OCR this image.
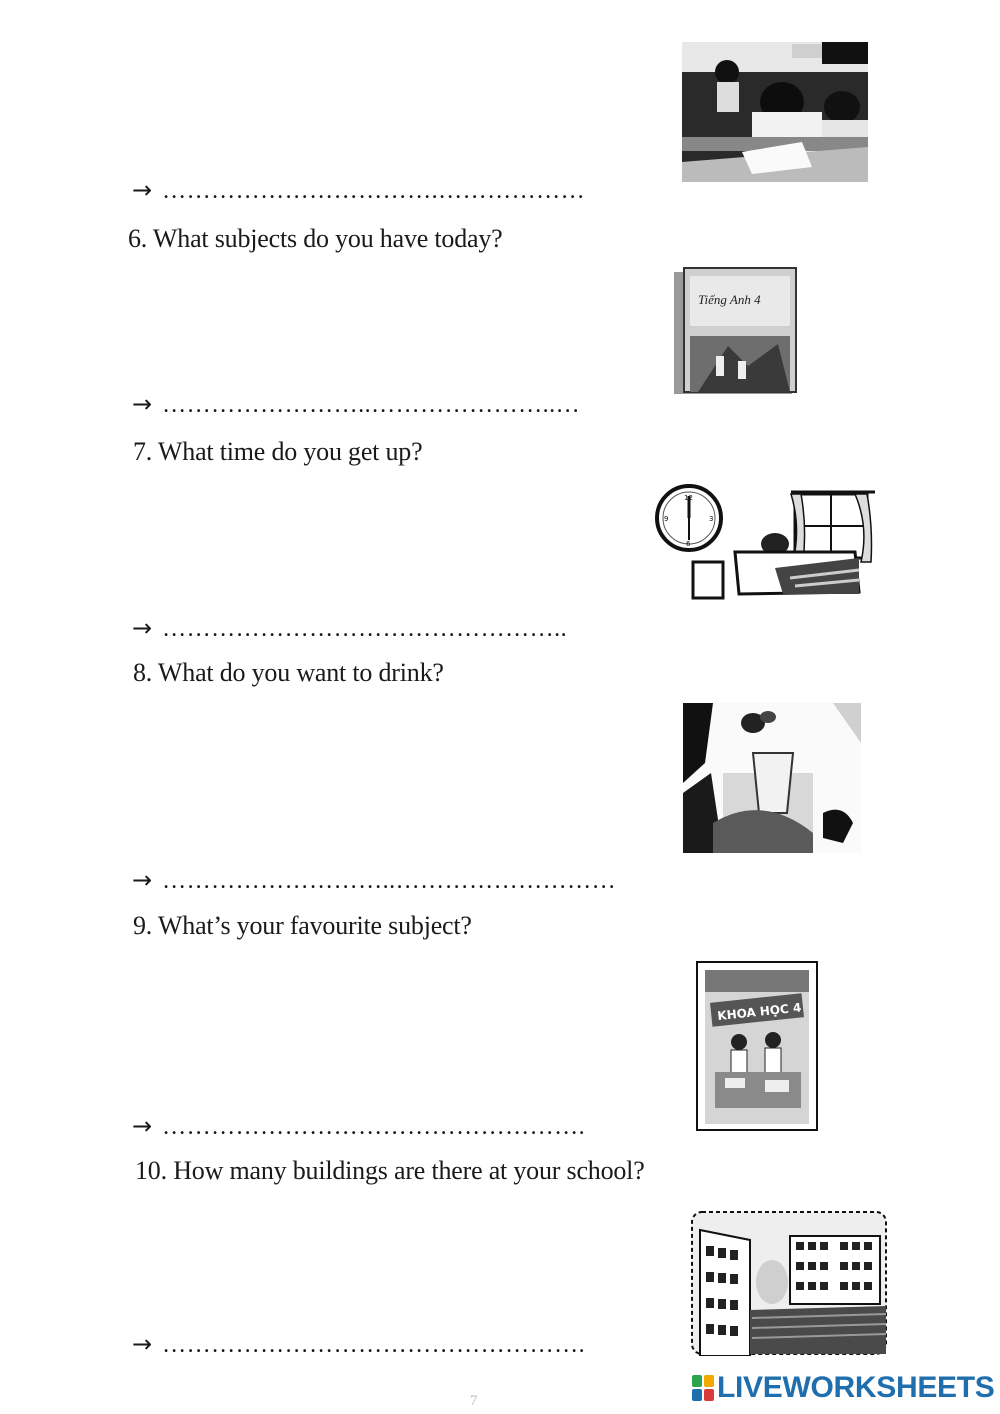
→ …………………………….………………
6. What subjects do you have today?
Tiếng Anh 4
→ ……………………..…………………..…
7. What time do you get up?
12
3
6
9
→ …………………………………………..
8. What do you want to drink?
→ ………………………..………………………
9. What’s your favourite subject?
KHOA HỌC 4
→ …………………………………………….
10. How many buildings are there at your school?
→ …………………………………………….
7	LIVEWORKSHEETS
